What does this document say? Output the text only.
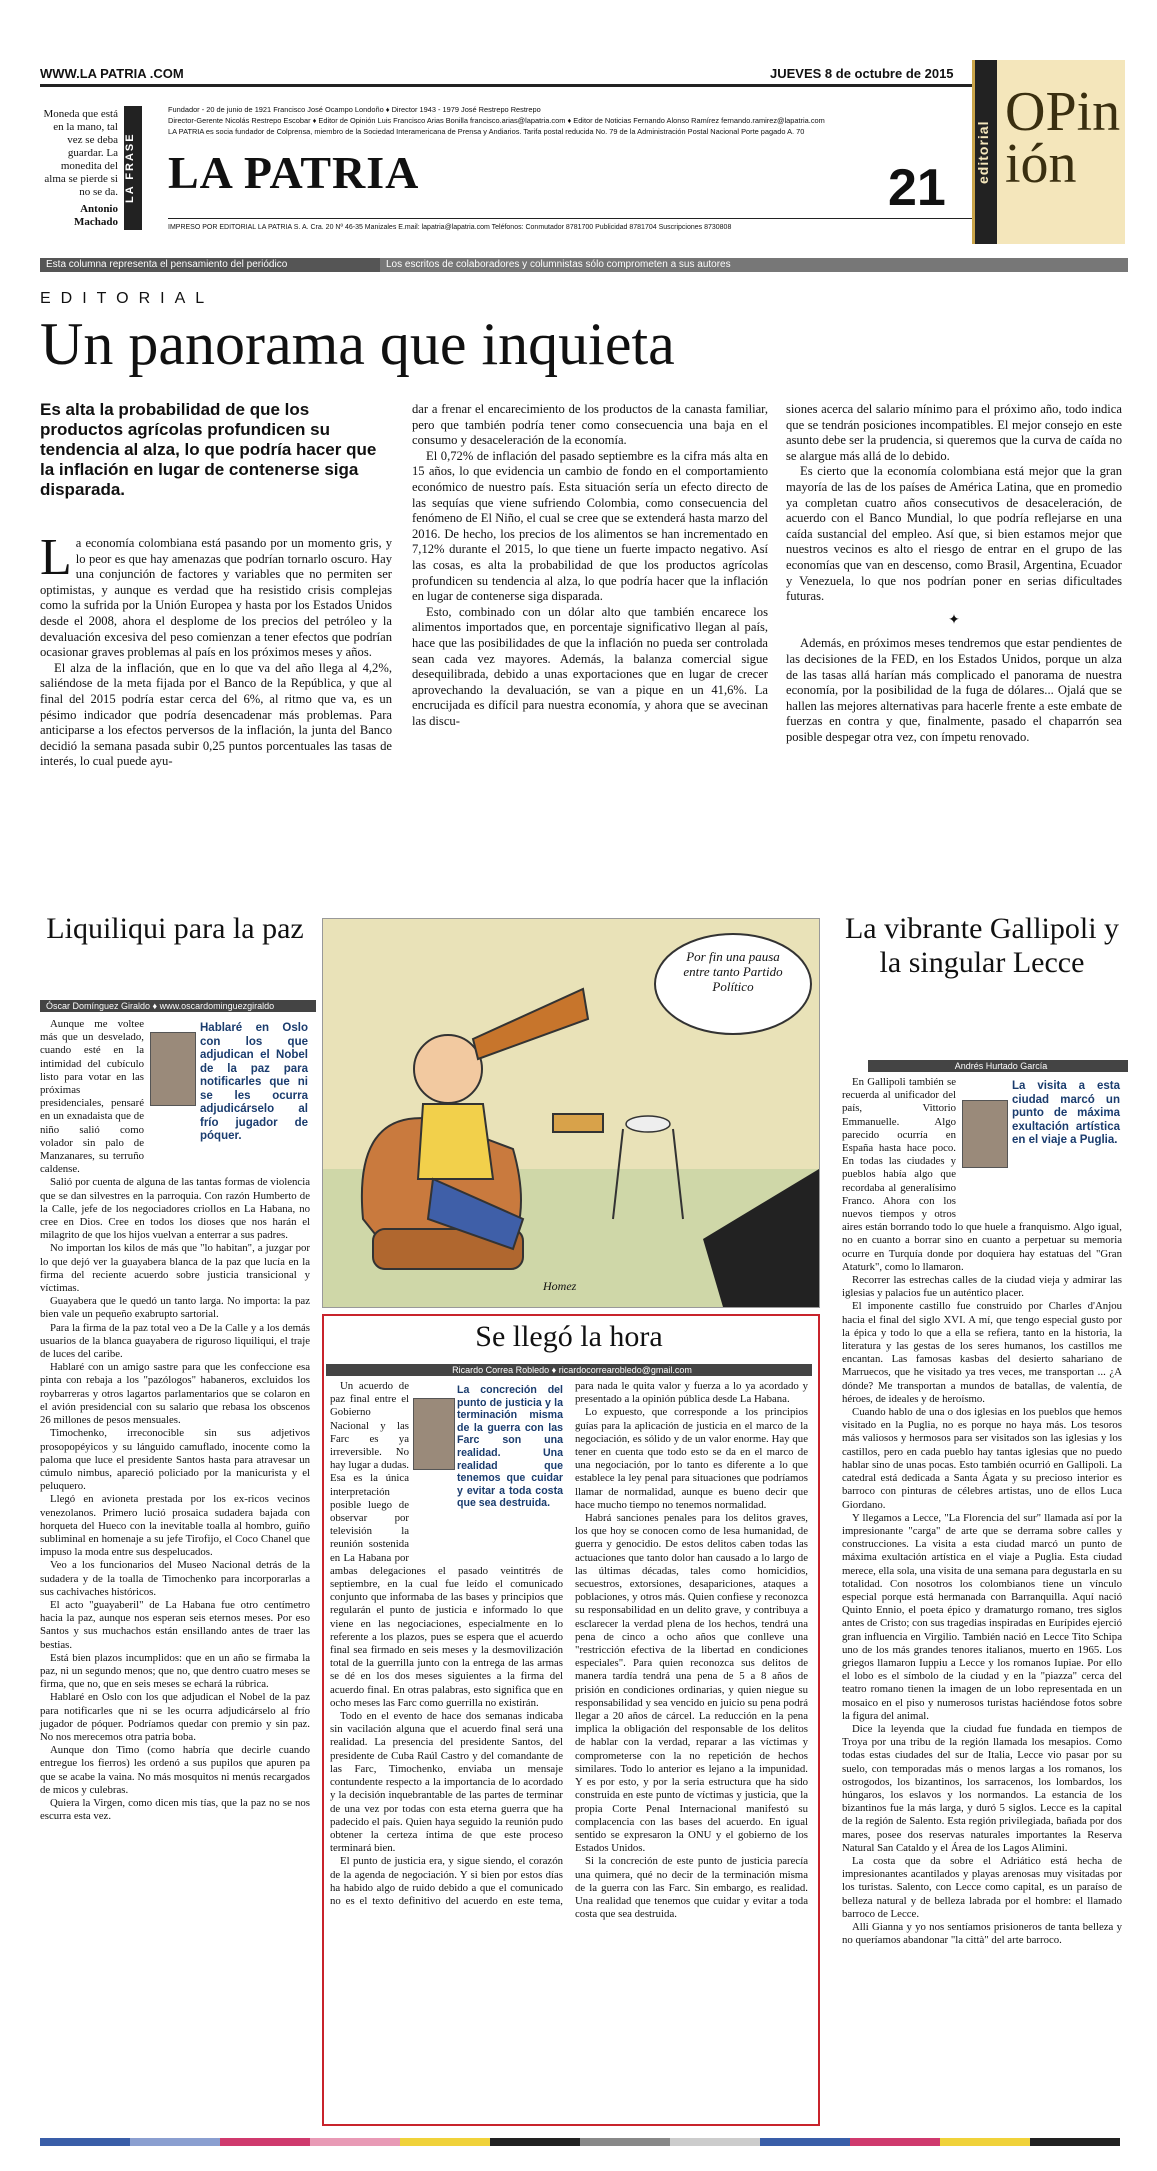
WWW.LA PATRIA .COM	JUEVES 8 de octubre de 2015
Moneda que está en la mano, tal vez se deba guardar. La monedita del alma se pierde si no se da.
Antonio Machado
LA FRASE
Fundador - 20 de junio de 1921 Francisco José Ocampo Londoño ♦ Director 1943 - 1979 José Restrepo Restrepo
Director-Gerente Nicolás Restrepo Escobar ♦ Editor de Opinión Luis Francisco Arias Bonilla francisco.arias@lapatria.com ♦ Editor de Noticias Fernando Alonso Ramírez fernando.ramirez@lapatria.com
LA PATRIA es socia fundador de Colprensa, miembro de la Sociedad Interamericana de Prensa y Andiarios. Tarifa postal reducida No. 79 de la Administración Postal Nacional Porte pagado A. 70
LA PATRIA	21
IMPRESO POR EDITORIAL LA PATRIA S. A. Cra. 20 Nº 46-35 Manizales E.mail: lapatria@lapatria.com Teléfonos: Conmutador 8781700 Publicidad 8781704 Suscripciones 8730808
editorial
OPinión
Esta columna representa el pensamiento del periódico	Los escritos de colaboradores y columnistas sólo comprometen a sus autores
EDITORIAL
Un panorama que inquieta
Es alta la probabilidad de que los productos agrícolas profundicen su tendencia al alza, lo que podría hacer que la inflación en lugar de contenerse siga disparada.

La economía colombiana está pasando por un momento gris, y lo peor es que hay amenazas que podrían tornarlo oscuro. Hay una conjunción de factores y variables que no permiten ser optimistas, y aunque es verdad que ha resistido crisis complejas como la sufrida por la Unión Europea y hasta por los Estados Unidos desde el 2008, ahora el desplome de los precios del petróleo y la devaluación excesiva del peso comienzan a tener efectos que podrían ocasionar graves problemas al país en los próximos meses y años.

El alza de la inflación, que en lo que va del año llega al 4,2%, saliéndose de la meta fijada por el Banco de la República, y que al final del 2015 podría estar cerca del 6%, al ritmo que va, es un pésimo indicador que podría desencadenar más problemas. Para anticiparse a los efectos perversos de la inflación, la junta del Banco decidió la semana pasada subir 0,25 puntos porcentuales las tasas de interés, lo cual puede ayu-

dar a frenar el encarecimiento de los productos de la canasta familiar, pero que también podría tener como consecuencia una baja en el consumo y desaceleración de la economía.

El 0,72% de inflación del pasado septiembre es la cifra más alta en 15 años, lo que evidencia un cambio de fondo en el comportamiento económico de nuestro país. Esta situación sería un efecto directo de las sequías que viene sufriendo Colombia, como consecuencia del fenómeno de El Niño, el cual se cree que se extenderá hasta marzo del 2016. De hecho, los precios de los alimentos se han incrementado en 7,12% durante el 2015, lo que tiene un fuerte impacto negativo. Así las cosas, es alta la probabilidad de que los productos agrícolas profundicen su tendencia al alza, lo que podría hacer que la inflación en lugar de contenerse siga disparada.

Esto, combinado con un dólar alto que también encarece los alimentos importados que, en porcentaje significativo llegan al país, hace que las posibilidades de que la inflación no pueda ser controlada sean cada vez mayores. Además, la balanza comercial sigue desequilibrada, debido a unas exportaciones que en lugar de crecer aprovechando la devaluación, se van a pique en un 41,6%. La encrucijada es difícil para nuestra economía, y ahora que se avecinan las discu-

siones acerca del salario mínimo para el próximo año, todo indica que se tendrán posiciones incompatibles. El mejor consejo en este asunto debe ser la prudencia, si queremos que la curva de caída no se alargue más allá de lo debido.

Es cierto que la economía colombiana está mejor que la gran mayoría de las de los países de América Latina, que en promedio ya completan cuatro años consecutivos de desaceleración, de acuerdo con el Banco Mundial, lo que podría reflejarse en una caída sustancial del empleo. Así que, si bien estamos mejor que nuestros vecinos es alto el riesgo de entrar en el grupo de las economías que van en descenso, como Brasil, Argentina, Ecuador y Venezuela, lo que nos podrían poner en serias dificultades futuras.

✦

Además, en próximos meses tendremos que estar pendientes de las decisiones de la FED, en los Estados Unidos, porque un alza de las tasas allá harían más complicado el panorama de nuestra economía, por la posibilidad de la fuga de dólares... Ojalá que se hallen las mejores alternativas para hacerle frente a este embate de fuerzas en contra y que, finalmente, pasado el chaparrón sea posible despegar otra vez, con ímpetu renovado.

Liquiliqui para la paz
Óscar Domínguez Giraldo ♦ www.oscardominguezgiraldo
Hablaré en Oslo con los que adjudican el Nobel de la paz para notificarles que ni se les ocurra adjudicárselo al frío jugador de póquer.

Aunque me voltee más que un desvelado, cuando esté en la intimidad del cubículo listo para votar en las próximas presidenciales, pensaré en un exnadaista que de niño salió como volador sin palo de Manzanares, su terruño caldense.

Salió por cuenta de alguna de las tantas formas de violencia que se dan silvestres en la parroquia. Con razón Humberto de la Calle, jefe de los negociadores criollos en La Habana, no cree en Dios. Cree en todos los dioses que nos harán el milagrito de que los hijos vuelvan a enterrar a sus padres.

No importan los kilos de más que "lo habitan", a juzgar por lo que dejó ver la guayabera blanca de la paz que lucía en la firma del reciente acuerdo sobre justicia transicional y víctimas.

Guayabera que le quedó un tanto larga. No importa: la paz bien vale un pequeño exabrupto sartorial.

Para la firma de la paz total veo a De la Calle y a los demás usuarios de la blanca guayabera de riguroso liquiliqui, el traje de luces del caribe.

Hablaré con un amigo sastre para que les confeccione esa pinta con rebaja a los "pazólogos" habaneros, excluidos los roybarreras y otros lagartos parlamentarios que se colaron en el avión presidencial con su salario que rebasa los obscenos 26 millones de pesos mensuales.

Timochenko, irreconocible sin sus adjetivos prosopopéyicos y su lánguido camuflado, inocente como la paloma que luce el presidente Santos hasta para atravesar un cúmulo nimbus, apareció policiado por la manicurista y el peluquero.

Llegó en avioneta prestada por los ex-ricos vecinos venezolanos. Primero lució prosaica sudadera bajada con horqueta del Hueco con la inevitable toalla al hombro, guiño subliminal en homenaje a su jefe Tirofijo, el Coco Chanel que impuso la moda entre sus despelucados.

Veo a los funcionarios del Museo Nacional detrás de la sudadera y de la toalla de Timochenko para incorporarlas a sus cachivaches históricos.

El acto "guayaberil" de La Habana fue otro centímetro hacia la paz, aunque nos esperan seis eternos meses. Por eso Santos y sus muchachos están ensillando antes de traer las bestias.

Está bien plazos incumplidos: que en un año se firmaba la paz, ni un segundo menos; que no, que dentro cuatro meses se firma, que no, que en seis meses se echará la rúbrica.

Hablaré en Oslo con los que adjudican el Nobel de la paz para notificarles que ni se les ocurra adjudicárselo al frío jugador de póquer. Podríamos quedar con premio y sin paz. No nos merecemos otra patria boba.

Aunque don Timo (como habría que decirle cuando entregue los fierros) les ordenó a sus pupilos que apuren pa que se acabe la vaina. No más mosquitos ni menús recargados de micos y culebras.

Quiera la Virgen, como dicen mis tías, que la paz no se nos escurra esta vez.

Por fin una pausa entre tanto Partido Político
Homez
La vibrante Gallipoli y la singular Lecce
Andrés Hurtado García
La visita a esta ciudad marcó un punto de máxima exultación artística en el viaje a Puglia.

En Gallipoli también se recuerda al unificador del país, Vittorio Emmanuelle. Algo parecido ocurría en España hasta hace poco. En todas las ciudades y pueblos había algo que recordaba al generalísimo Franco. Ahora con los nuevos tiempos y otros aires están borrando todo lo que huele a franquismo. Algo igual, no en cuanto a borrar sino en cuanto a perpetuar su memoria ocurre en Turquía donde por doquiera hay estatuas del "Gran Ataturk", como lo llamaron.

Recorrer las estrechas calles de la ciudad vieja y admirar las iglesias y palacios fue un auténtico placer.

El imponente castillo fue construido por Charles d'Anjou hacia el final del siglo XVI. A mí, que tengo especial gusto por la épica y todo lo que a ella se refiera, tanto en la historia, la literatura y las gestas de los seres humanos, los castillos me encantan. Las famosas kasbas del desierto sahariano de Marruecos, que he visitado ya tres veces, me transportan ... ¿A dónde? Me transportan a mundos de batallas, de valentía, de héroes, de ideales y de heroísmo.

Cuando hablo de una o dos iglesias en los pueblos que hemos visitado en la Puglia, no es porque no haya más. Los tesoros más valiosos y hermosos para ser visitados son las iglesias y los castillos, pero en cada pueblo hay tantas iglesias que no puedo hablar sino de unas pocas. Esto también ocurrió en Gallipoli. La catedral está dedicada a Santa Ágata y su precioso interior es barroco con pinturas de célebres artistas, uno de ellos Luca Giordano.

Y llegamos a Lecce, "La Florencia del sur" llamada así por la impresionante "carga" de arte que se derrama sobre calles y construcciones. La visita a esta ciudad marcó un punto de máxima exultación artística en el viaje a Puglia. Esta ciudad merece, ella sola, una visita de una semana para degustarla en su totalidad. Con nosotros los colombianos tiene un vínculo especial porque está hermanada con Barranquilla. Aquí nació Quinto Ennio, el poeta épico y dramaturgo romano, tres siglos antes de Cristo; con sus tragedias inspiradas en Eurípides ejerció gran influencia en Virgilio. También nació en Lecce Tito Schipa uno de los más grandes tenores italianos, muerto en 1965. Los griegos llamaron Iuppiu a Lecce y los romanos Iupiae. Por ello el lobo es el símbolo de la ciudad y en la "piazza" cerca del teatro romano tienen la imagen de un lobo representada en un mosaico en el piso y numerosos turistas haciéndose fotos sobre la figura del animal.

Dice la leyenda que la ciudad fue fundada en tiempos de Troya por una tribu de la región llamada los mesapios. Como todas estas ciudades del sur de Italia, Lecce vio pasar por su suelo, con temporadas más o menos largas a los romanos, los ostrogodos, los bizantinos, los sarracenos, los lombardos, los húngaros, los eslavos y los normandos. La estancia de los bizantinos fue la más larga, y duró 5 siglos. Lecce es la capital de la región de Salento. Esta región privilegiada, bañada por dos mares, posee dos reservas naturales importantes la Reserva Natural San Cataldo y el Área de los Lagos Alimini.

La costa que da sobre el Adriático está hecha de impresionantes acantilados y playas arenosas muy visitadas por los turistas. Salento, con Lecce como capital, es un paraíso de belleza natural y de belleza labrada por el hombre: el llamado barroco de Lecce.

Alli Gianna y yo nos sentíamos prisioneros de tanta belleza y no queríamos abandonar "la città" del arte barroco.

Se llegó la hora
Ricardo Correa Robledo ♦ ricardocorrearobledo@gmail.com
La concreción del punto de justicia y la terminación misma de la guerra con las Farc son una realidad. Una realidad que tenemos que cuidar y evitar a toda costa que sea destruida.

Un acuerdo de paz final entre el Gobierno Nacional y las Farc es ya irreversible. No hay lugar a dudas. Esa es la única interpretación posible luego de observar por televisión la reunión sostenida en La Habana por ambas delegaciones el pasado veintitrés de septiembre, en la cual fue leído el comunicado conjunto que informaba de las bases y principios que regularán el punto de justicia e informado lo que viene en las negociaciones, especialmente en lo referente a los plazos, pues se espera que el acuerdo final sea firmado en seis meses y la desmovilización total de la guerrilla junto con la entrega de las armas se dé en los dos meses siguientes a la firma del acuerdo final. En otras palabras, esto significa que en ocho meses las Farc como guerrilla no existirán.

Todo en el evento de hace dos semanas indicaba sin vacilación alguna que el acuerdo final será una realidad. La presencia del presidente Santos, del presidente de Cuba Raúl Castro y del comandante de las Farc, Timochenko, enviaba un mensaje contundente respecto a la importancia de lo acordado y la decisión inquebrantable de las partes de terminar de una vez por todas con esta eterna guerra que ha padecido el país. Quien haya seguido la reunión pudo obtener la certeza íntima de que este proceso terminará bien.

El punto de justicia era, y sigue siendo, el corazón de la agenda de negociación. Y si bien por estos días ha habido algo de ruido debido a que el comunicado no es el texto definitivo del acuerdo en este tema, para nada le quita valor y fuerza a lo ya acordado y presentado a la opinión pública desde La Habana.

Lo expuesto, que corresponde a los principios guías para la aplicación de justicia en el marco de la negociación, es sólido y de un valor enorme. Hay que tener en cuenta que todo esto se da en el marco de una negociación, por lo tanto es diferente a lo que establece la ley penal para situaciones que podríamos llamar de normalidad, aunque es bueno decir que hace mucho tiempo no tenemos normalidad.

Habrá sanciones penales para los delitos graves, los que hoy se conocen como de lesa humanidad, de guerra y genocidio. De estos delitos caben todas las actuaciones que tanto dolor han causado a lo largo de las últimas décadas, tales como homicidios, secuestros, extorsiones, desapariciones, ataques a poblaciones, y otros más. Quien confiese y reconozca su responsabilidad en un delito grave, y contribuya a esclarecer la verdad plena de los hechos, tendrá una pena de cinco a ocho años que conlleve una "restricción efectiva de la libertad en condiciones especiales". Para quien reconozca sus delitos de manera tardía tendrá una pena de 5 a 8 años de prisión en condiciones ordinarias, y quien niegue su responsabilidad y sea vencido en juicio su pena podrá llegar a 20 años de cárcel. La reducción en la pena implica la obligación del responsable de los delitos de hablar con la verdad, reparar a las víctimas y comprometerse con la no repetición de hechos similares. Todo lo anterior es lejano a la impunidad. Y es por esto, y por la seria estructura que ha sido construida en este punto de víctimas y justicia, que la propia Corte Penal Internacional manifestó su complacencia con las bases del acuerdo. En igual sentido se expresaron la ONU y el gobierno de los Estados Unidos.

Si la concreción de este punto de justicia parecía una quimera, qué no decir de la terminación misma de la guerra con las Farc. Sin embargo, es realidad. Una realidad que tenemos que cuidar y evitar a toda costa que sea destruida.
